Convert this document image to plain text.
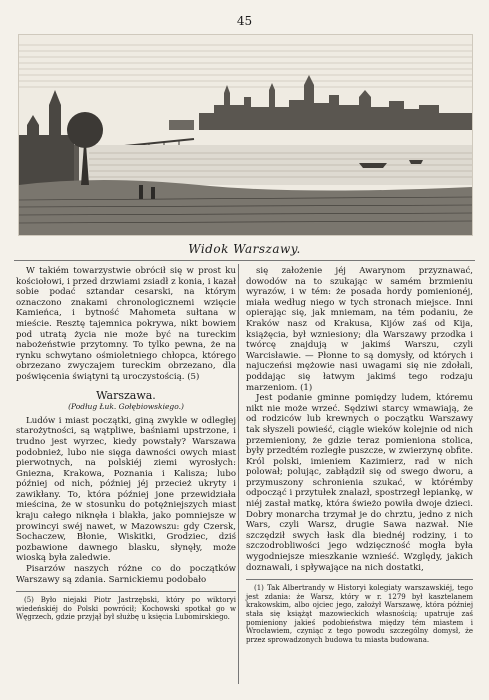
45
Widok Warszawy.

W takiém towarzystwie obrócił się w prost ku kościołowi, i przed drzwiami zsiadł z konia, i kazał sobie podać sztandar cesarski, na którym oznaczono znakami chronologicznemi wzięcie Kamieńca, i bytność Mahometa sułtana w mieście. Resztę tajemnica pokrywa, nikt bowiem pod utratą życia nie może być na tureckim nabożeństwie przytomny. To tylko pewna, że na rynku schwytano ośmioletniego chłopca, którego obrzezano zwyczajem tureckim obrzezano, dla poświęcenia świątyni tą uroczystością. (5)

Warszawa.
(Podług Łuk. Gołębiowskiego.)

Ludów i miast początki, giną zwykle w odległej starożytności, są wątpliwe, baśniami upstrzone, i trudno jest wyrzec, kiedy powstały? Warszawa podobnież, lubo nie sięga dawności owych miast pierwotnych, na polskiéj ziemi wyrosłych: Gniezna, Krakowa, Poznania i Kalisza; lubo później od nich, później jéj przecież ukryty i zawikłany. To, która później jone przewidziała mieścina, że w stosunku do potężniejszych miast kraju całego niknęła i blakła, jako pomniejsze w prowincyi swéj nawet, w Mazowszu: gdy Czersk, Sochaczew, Błonie, Wiskitki, Grodziec, dziś pozbawione dawnego blasku, słynęły, może wioską była zaledwie.

Pisarzów naszych różne co do początków Warszawy są zdania. Sarnickiemu podobało

(5) Było niejaki Piotr Jastrzębski, który po wiktoryi wiedeńskiéj do Polski powrócił; Kochowski spotkał go w Węgrzech, gdzie przyjął był służbę u księcia Lubomirskiego.

się założenie jéj Awarynom przyznawać, dowodów na to szukając w samém brzmieniu wyrazów, i w tém: że posada hordy pomienionéj, miała według niego w tych stronach miejsce. Inni opierając się, jak mniemam, na tém podaniu, że Kraków nasz od Krakusa, Kijów zaś od Kija, książęcia, był wzniesiony; dla Warszawy przodka i twórcę znajdują w jakimś Warszu, czyli Warcisławie. — Płonne to są domysły, od których i najuczeńsi mężowie nasi uwagami się nie zdołali, poddając się łatwym jakimś tego rodzaju marzeniom. (1)

Jest podanie gminne pomiędzy ludem, któremu nikt nie może wrzeć. Sędziwi starcy wmawiają, że od rodziców lub krewnych o początku Warszawy tak słyszeli powieść, ciągle wieków kolejnie od nich przemieniony, że gdzie teraz pomieniona stolica, były przedtém rozległe puszcze, w zwierzynę obfite. Król polski, imieniem Kazimierz, rad w nich polował; polując, zabłądził się od swego dworu, a przymuszony schronienia szukać, w którémby odpocząć i przytułek znalazł, spostrzegł lepiankę, w niéj zastał matkę, która świeżo powiła dwoje dzieci. Dobry monarcha trzymał je do chrztu, jedno z nich Wars, czyli Warsz, drugie Sawa nazwał. Nie szczędził swych łask dla biednéj rodziny, i to szczodrobliwości jego wdzięczność mogła była wygodniejsze mieszkanie wznieść. Względy, jakich doznawali, i spływające na nich dostatki,

(1) Tak Albertrandy w Historyi kolegiaty warszawskiéj, tego jest zdania: że Warsz, który w r. 1279 był kasztelanem krakowskim, albo ojciec jego, założył Warszawę, która później stała się książąt mazowieckich własnością; upatruje zaś pomieniony jakieś podobieństwa między tém miastem i Wrocławiem, czyniąc z tego powodu szczególny domysł, że przez sprowadzonych budowa tu miasta budowana.
